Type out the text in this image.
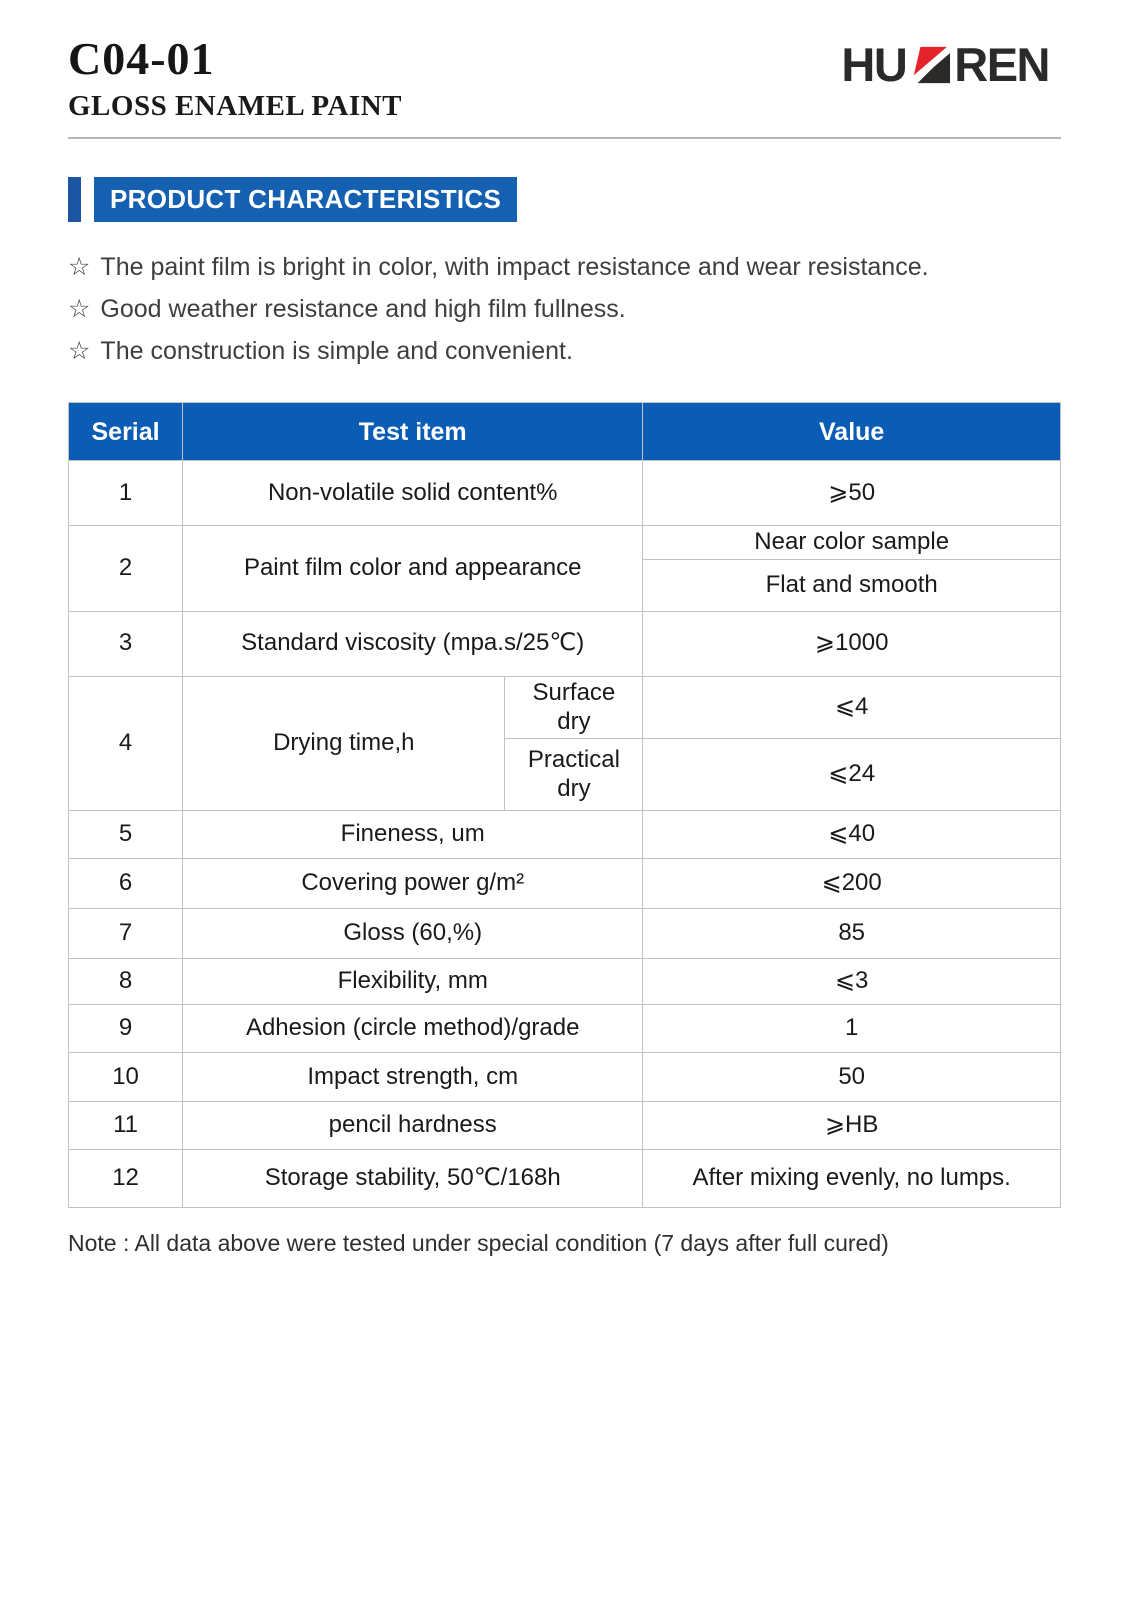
C04-01
GLOSS ENAMEL PAINT
HU REN
PRODUCT CHARACTERISTICS
☆ The paint film is bright in color, with impact resistance and wear resistance.
☆ Good weather resistance and high film fullness.
☆ The construction is simple and convenient.
Serial	Test item		Value
1	Non-volatile solid content%		⩾50
2	Paint film color and appearance		Near color sample
			Flat and smooth
3	Standard viscosity (mpa.s/25℃)		⩾1000
4	Drying time,h	Surface dry	⩽4
		Practical dry	⩽24
5	Fineness, um		⩽40
6	Covering power g/m²		⩽200
7	Gloss (60,%)		85
8	Flexibility, mm		⩽3
9	Adhesion (circle method)/grade		1
10	Impact strength, cm		50
11	pencil hardness		⩾HB
12	Storage stability, 50℃/168h		After mixing evenly, no lumps.
Note : All data above were tested under special condition (7 days after full cured)
